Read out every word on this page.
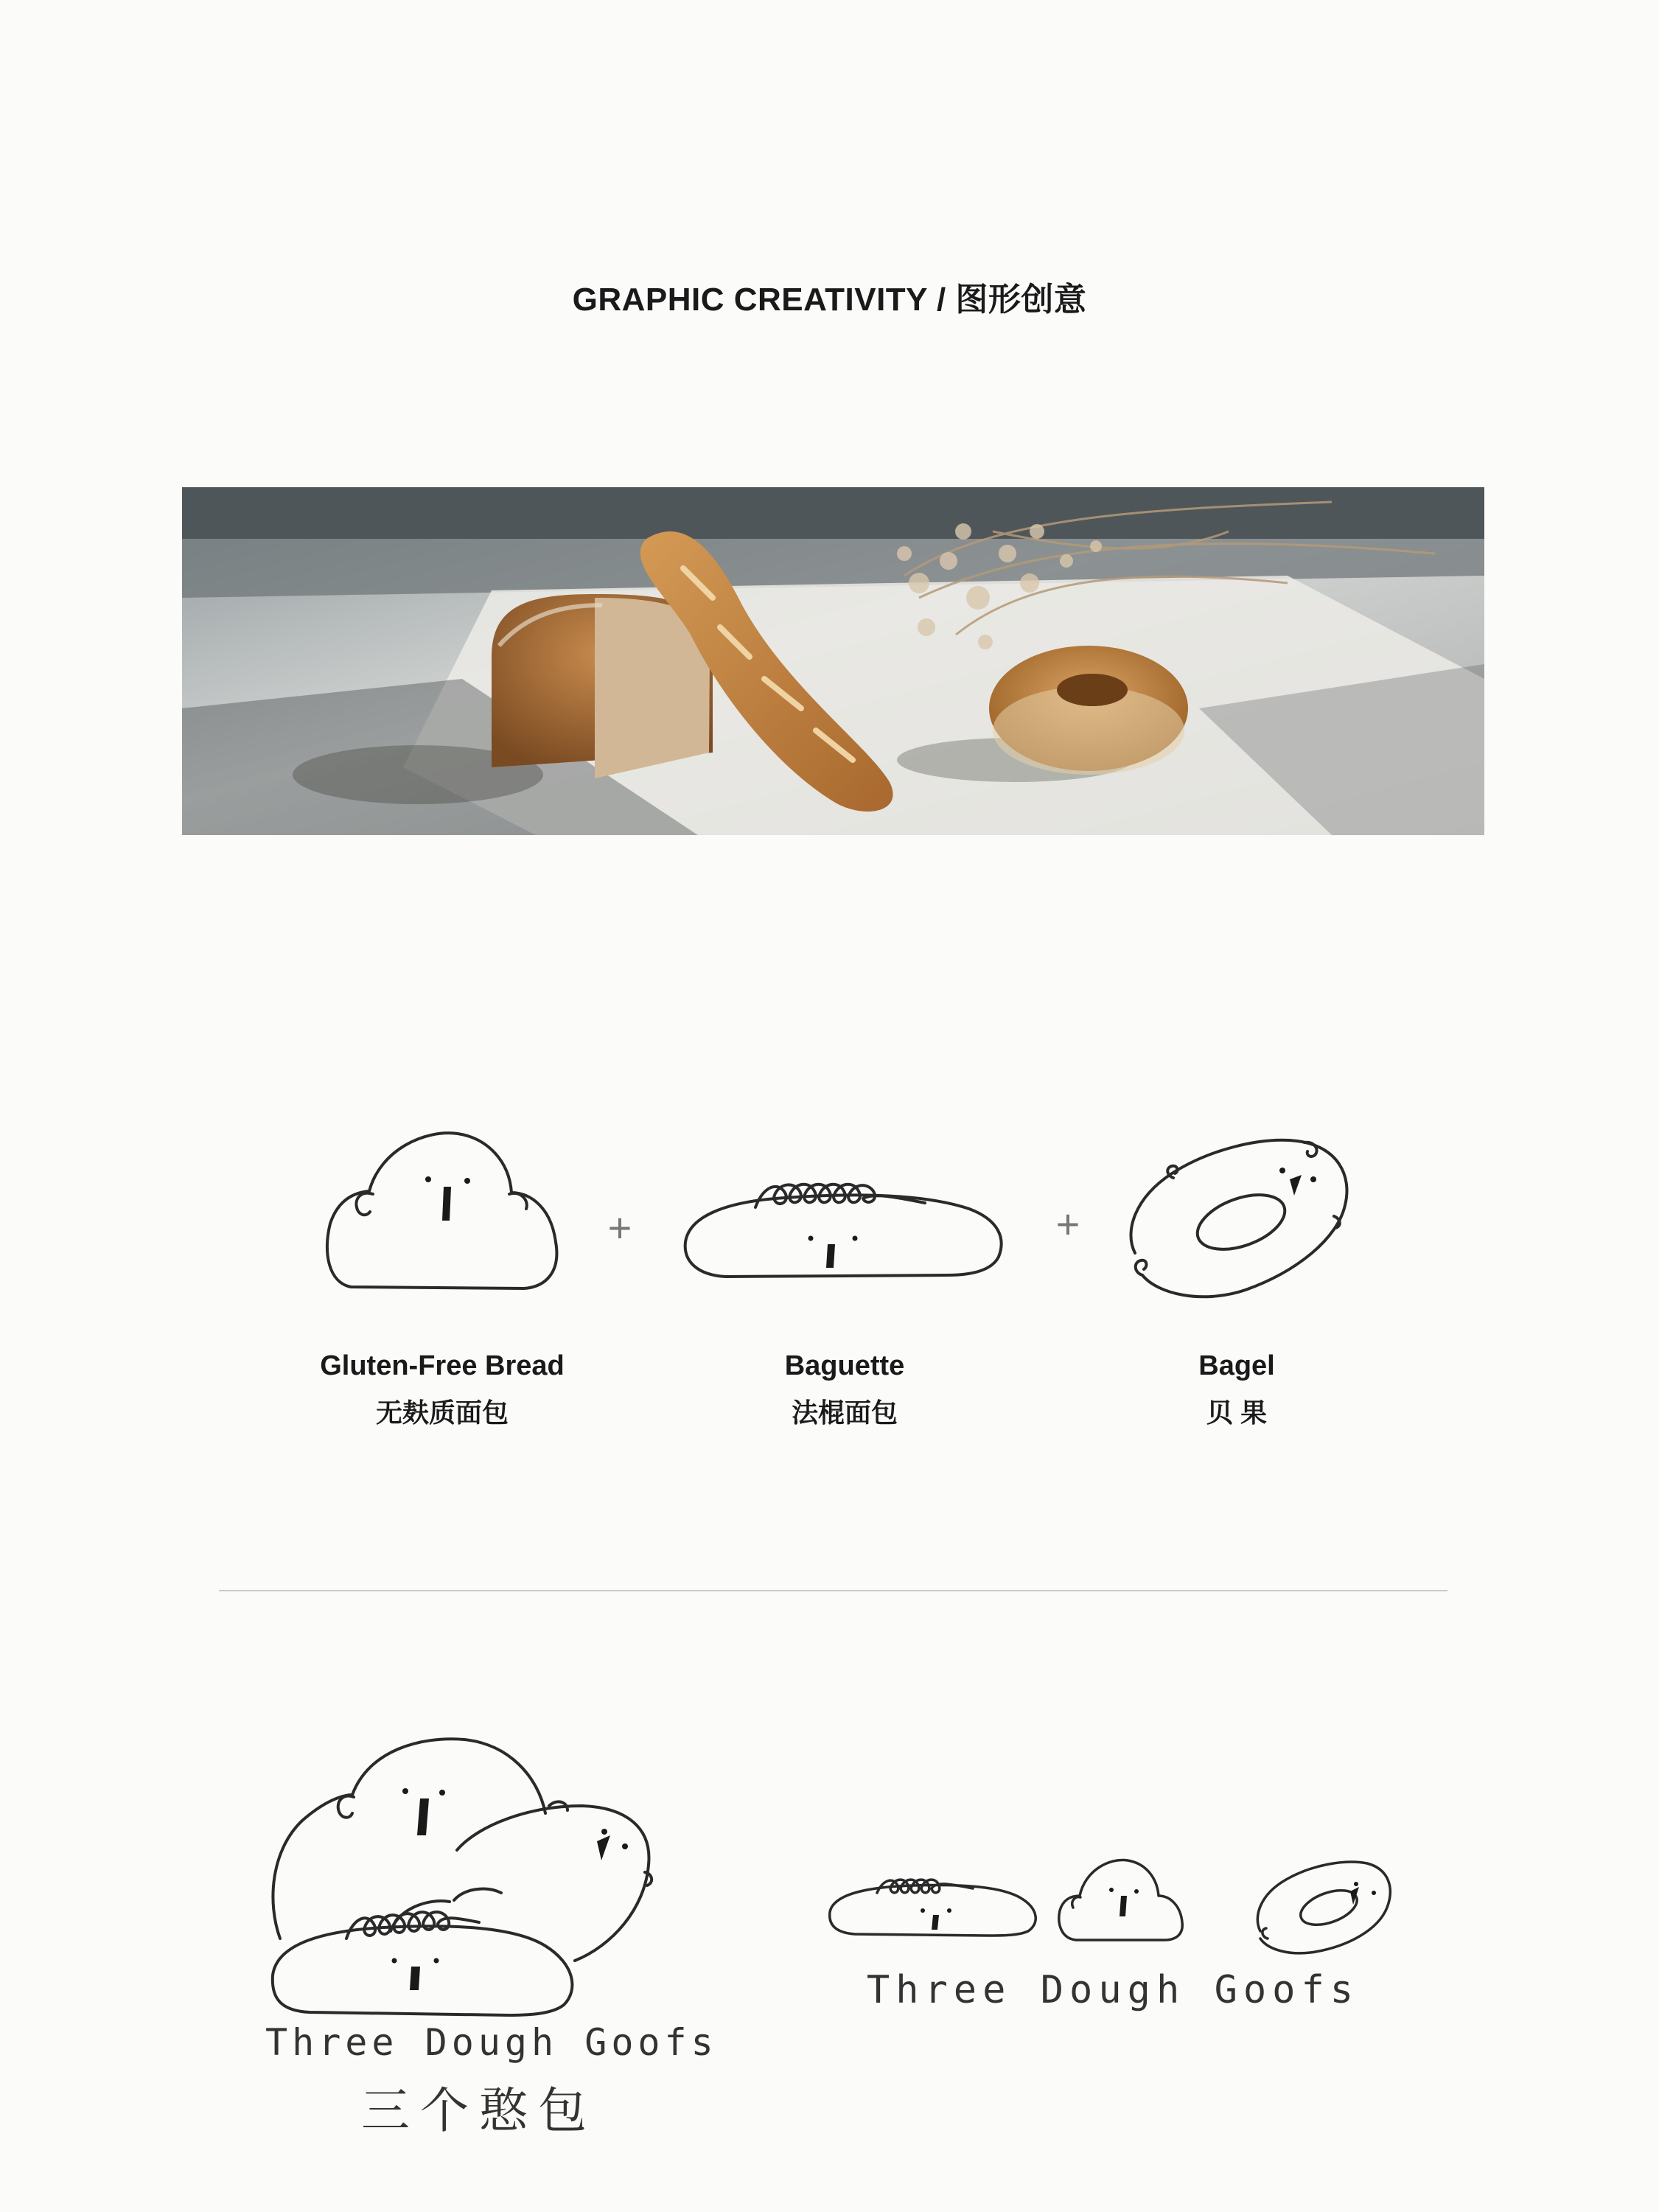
GRAPHIC CREATIVITY / 图形创意
+	+
Gluten-Free Bread
无麸质面包
Baguette
法棍面包
Bagel
贝 果
Three Dough Goofs
三个憨包
Three Dough Goofs
